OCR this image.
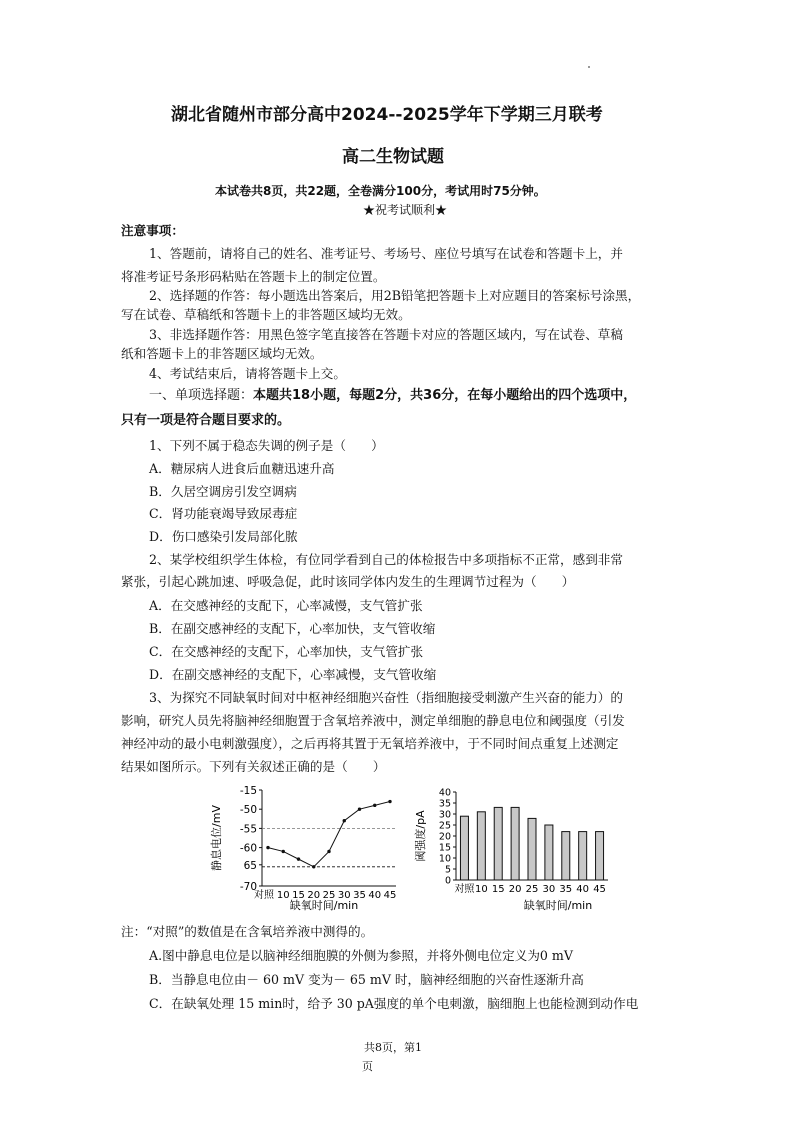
湖北省随州市部分高中2024--2025学年下学期三月联考
高二生物试题
本试卷共8页，共22题，全卷满分100分，考试用时75分钟。
★祝考试顺利★
注意事项：
1、答题前，请将自己的姓名、准考证号、考场号、座位号填写在试卷和答题卡上，并
将准考证号条形码粘贴在答题卡上的制定位置。
2、选择题的作答：每小题选出答案后，用2B铅笔把答题卡上对应题目的答案标号涂黑，
写在试卷、草稿纸和答题卡上的非答题区域均无效。
3、非选择题作答：用黑色签字笔直接答在答题卡对应的答题区域内，写在试卷、草稿
纸和答题卡上的非答题区域均无效。
4、考试结束后，请将答题卡上交。
一、单项选择题：本题共18小题，每题2分，共36分，在每小题给出的四个选项中，
只有一项是符合题目要求的。
1、下列不属于稳态失调的例子是（　　）
A．糖尿病人进食后血糖迅速升高
B．久居空调房引发空调病
C．肾功能衰竭导致尿毒症
D．伤口感染引发局部化脓
2、某学校组织学生体检，有位同学看到自己的体检报告中多项指标不正常，感到非常
紧张，引起心跳加速、呼吸急促，此时该同学体内发生的生理调节过程为（　　）
A．在交感神经的支配下，心率减慢，支气管扩张
B．在副交感神经的支配下，心率加快，支气管收缩
C．在交感神经的支配下，心率加快，支气管扩张
D．在副交感神经的支配下，心率减慢，支气管收缩
3、为探究不同缺氧时间对中枢神经细胞兴奋性（指细胞接受刺激产生兴奋的能力）的
影响，研究人员先将脑神经细胞置于含氧培养液中，测定单细胞的静息电位和阈强度（引发
神经冲动的最小电刺激强度），之后再将其置于无氧培养液中，于不同时间点重复上述测定
结果如图所示。下列有关叙述正确的是（　　）
静息电位/mV
-15
-50
-55
-60
65
-70
对照 10 15 20 25 30 35 40 45
缺氧时间/min
阈强度/pA
40
35
30
25
20
15
10
5
0
对照 10 15 20 25 30 35 40 45
缺氧时间/min
注：“对照”的数值是在含氧培养液中测得的。
A.图中静息电位是以脑神经细胞膜的外侧为参照，并将外侧电位定义为0 mV
B．当静息电位由－ 60 mV 变为－ 65 mV 时，脑神经细胞的兴奋性逐渐升高
C．在缺氧处理 15 min时，给予 30 pA强度的单个电刺激，脑细胞上也能检测到动作电
共8页，第1
页
